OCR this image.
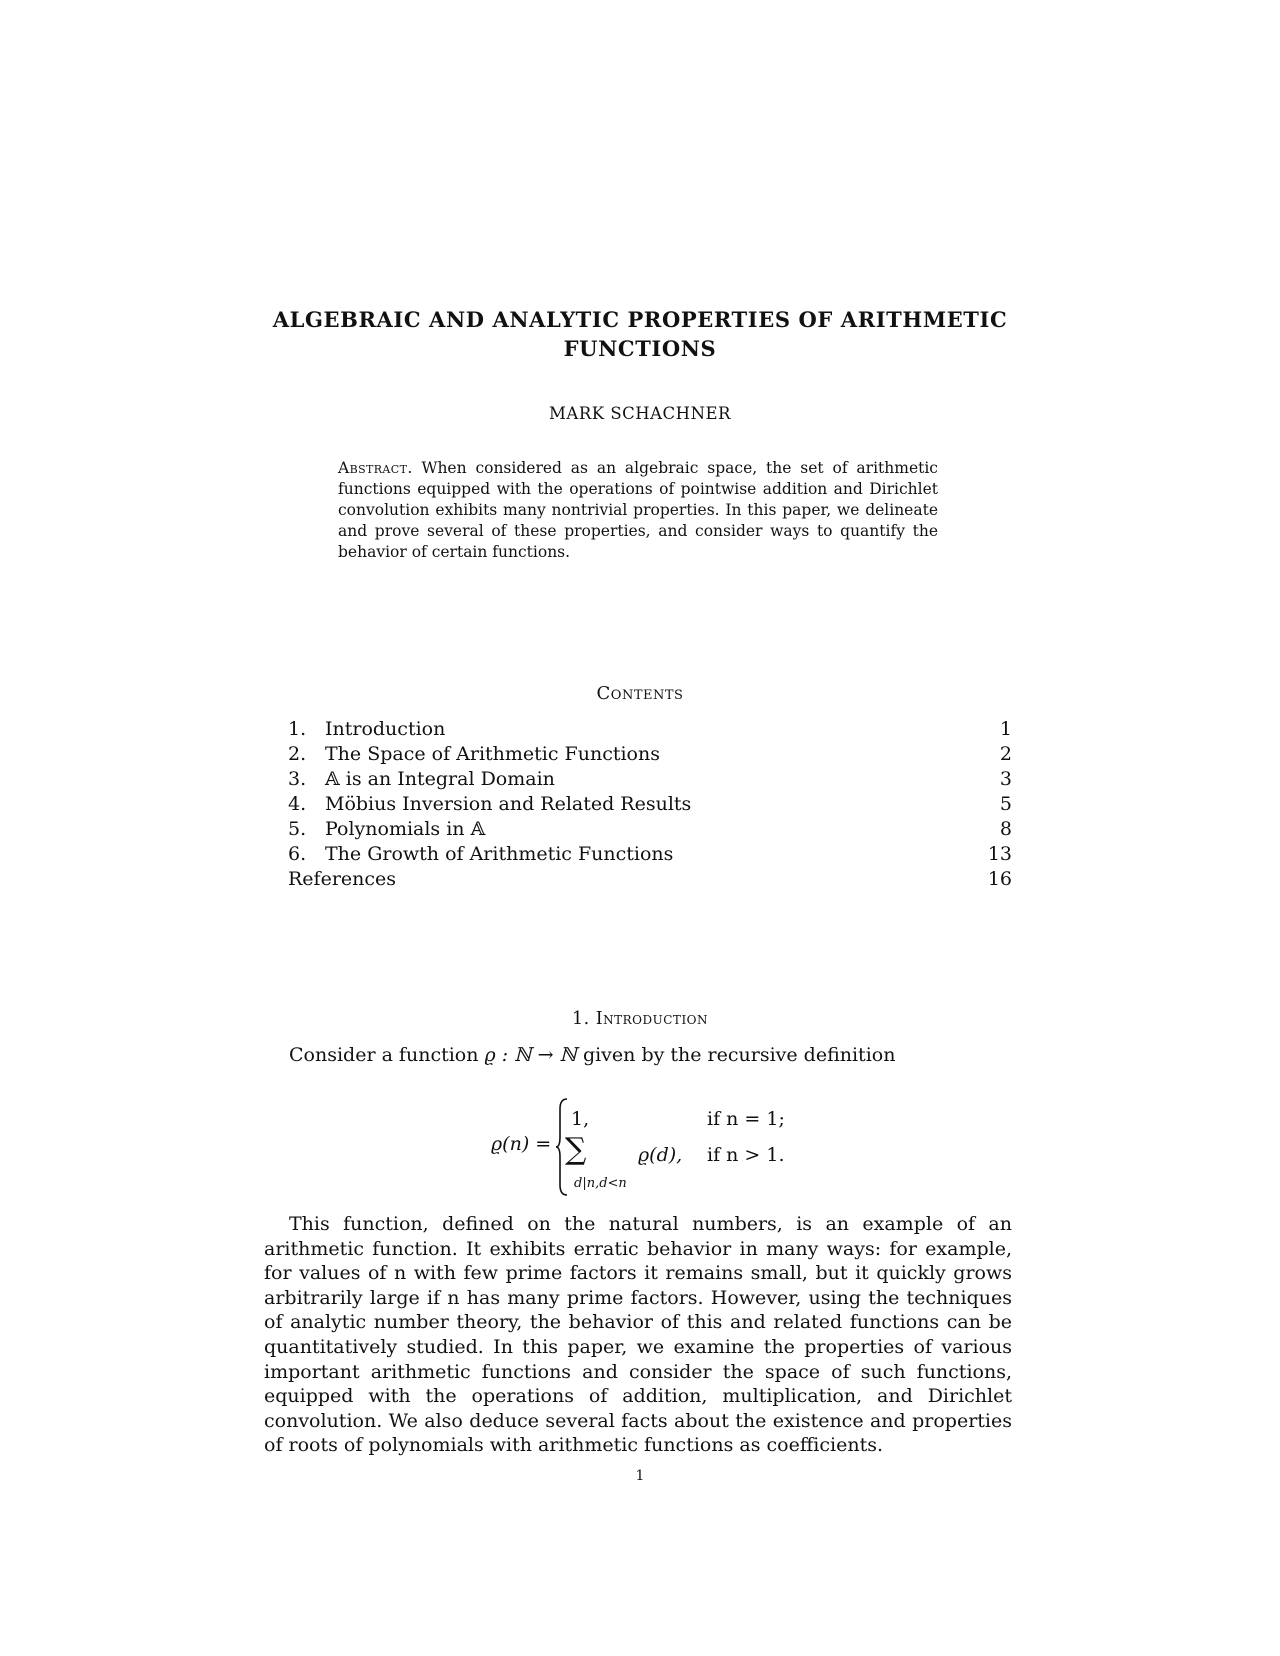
ALGEBRAIC AND ANALYTIC PROPERTIES OF ARITHMETIC
FUNCTIONS
MARK SCHACHNER
Abstract. When considered as an algebraic space, the set of arithmetic functions equipped with the operations of pointwise addition and Dirichlet convolution exhibits many nontrivial properties. In this paper, we delineate and prove several of these properties, and consider ways to quantify the behavior of certain functions.
Contents
1. Introduction	1
2. The Space of Arithmetic Functions	2
3. 𝔸 is an Integral Domain	3
4. Möbius Inversion and Related Results	5
5. Polynomials in 𝔸	8
6. The Growth of Arithmetic Functions	13
References	16
1. Introduction
Consider a function ϱ : ℕ → ℕ given by the recursive definition
ϱ(n) =
1,
∑
d|n,d<n
ϱ(d),
if n = 1;
if n > 1.
This function, defined on the natural numbers, is an example of an arithmetic function. It exhibits erratic behavior in many ways: for example, for values of n with few prime factors it remains small, but it quickly grows arbitrarily large if n has many prime factors. However, using the techniques of analytic number theory, the behavior of this and related functions can be quantitatively studied. In this paper, we examine the properties of various important arithmetic functions and consider the space of such functions, equipped with the operations of addition, multiplication, and Dirichlet convolution. We also deduce several facts about the existence and properties of roots of polynomials with arithmetic functions as coefficients.
1
